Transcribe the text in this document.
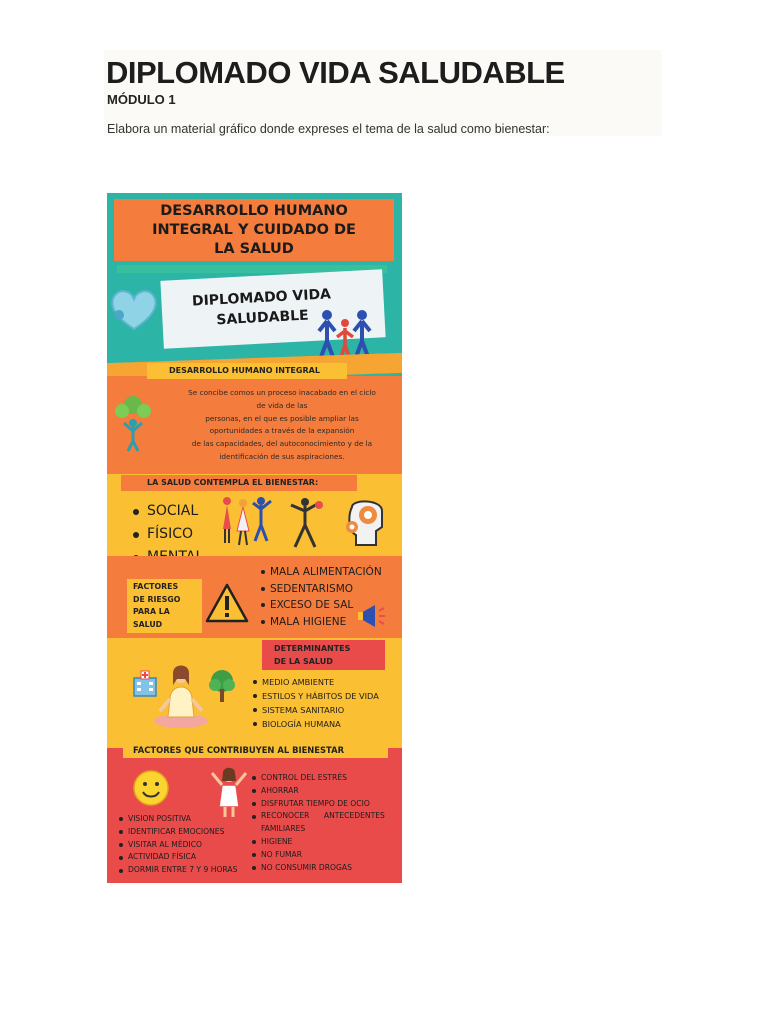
DIPLOMADO VIDA SALUDABLE
MÓDULO 1
Elabora un material gráfico donde expreses el tema de la salud como bienestar:
DESARROLLO HUMANO
INTEGRAL Y CUIDADO DE
LA SALUD
DIPLOMADO VIDA
SALUDABLE
DESARROLLO HUMANO INTEGRAL
Se concibe comos un proceso inacabado en el ciclo
de vida de las
personas, en el que es posible ampliar las
oportunidades a través de la expansión
de las capacidades, del autoconocimiento y de la
identificación de sus aspiraciones.
LA SALUD CONTEMPLA EL BIENESTAR:
SOCIAL
FÍSICO
FACTORES
DE RIESGO
PARA LA
SALUD
MALA ALIMENTACIÓN
SEDENTARISMO
EXCESO DE SAL
MALA HIGIENE
DETERMINANTES
DE LA SALUD
MEDIO AMBIENTE
ESTILOS Y HÁBITOS DE VIDA
SISTEMA SANITARIO
BIOLOGÍA HUMANA
FACTORES QUE CONTRIBUYEN AL BIENESTAR
VISION POSITIVA
IDENTIFICAR EMOCIONES
VISITAR AL MÉDICO
ACTIVIDAD FÍSICA
DORMIR ENTRE 7 Y 9 HORAS
CONTROL DEL ESTRÉS
AHORRAR
DISFRUTAR TIEMPO DE OCIO
RECONOCER      ANTECEDENTES
FAMILIARES
HIGIENE
NO FUMAR
NO CONSUMIR DROGAS
